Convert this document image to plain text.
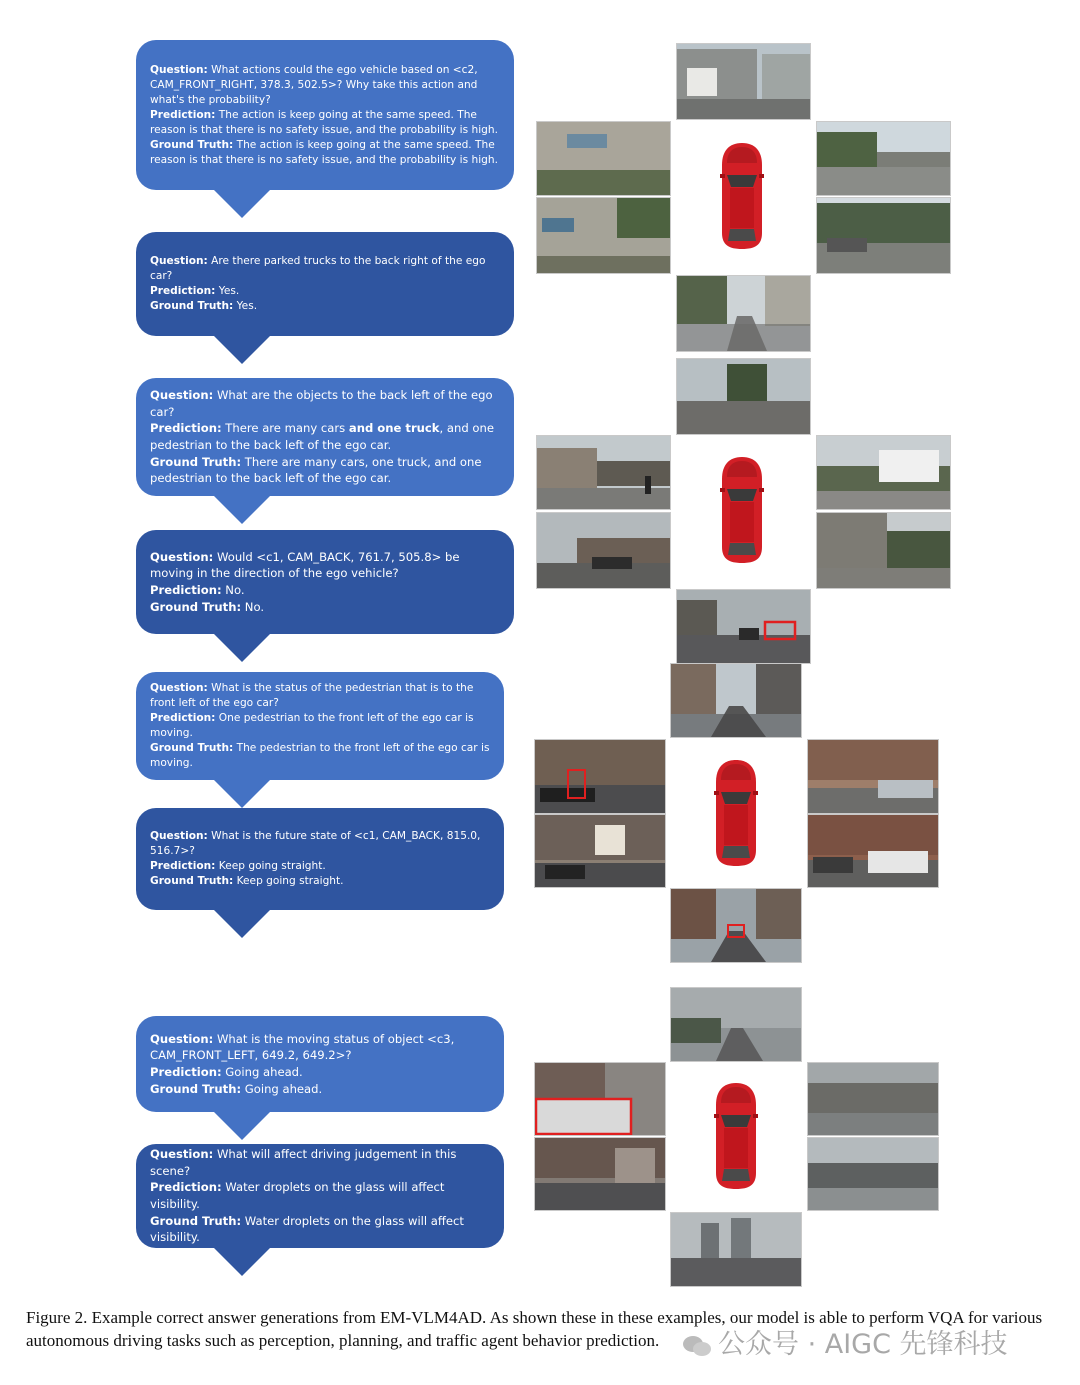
Question: What actions could the ego vehicle based on <c2, CAM_FRONT_RIGHT, 378.3, 502.5>? Why take this action and what's the probability?

Prediction: The action is keep going at the same speed. The reason is that there is no safety issue, and the probability is high.

Ground Truth: The action is keep going at the same speed. The reason is that there is no safety issue, and the probability is high.

Question: Are there parked trucks to the back right of the ego car?

Prediction: Yes.

Ground Truth: Yes.

Question: What are the objects to the back left of the ego car?

Prediction: There are many cars and one truck, and one pedestrian to the back left of the ego car.

Ground Truth: There are many cars, one truck, and one pedestrian to the back left of the ego car.

Question: Would <c1, CAM_BACK, 761.7, 505.8> be moving in the direction of the ego vehicle?

Prediction: No.

Ground Truth: No.

Question: What is the status of the pedestrian that is to the front left of the ego car?

Prediction: One pedestrian to the front left of the ego car is moving.

Ground Truth: The pedestrian to the front left of the ego car is moving.

Question: What is the future state of <c1, CAM_BACK, 815.0, 516.7>?

Prediction: Keep going straight.

Ground Truth: Keep going straight.

Question: What is the moving status of object <c3, CAM_FRONT_LEFT, 649.2, 649.2>?

Prediction: Going ahead.

Ground Truth: Going ahead.

Question: What will affect driving judgement in this scene?

Prediction: Water droplets on the glass will affect visibility.

Ground Truth: Water droplets on the glass will affect visibility.

Figure 2. Example correct answer generations from EM-VLM4AD. As shown these in these examples, our model is able to perform VQA for various autonomous driving tasks such as perception, planning, and traffic agent behavior prediction.	公众号 · AIGC 先锋科技
